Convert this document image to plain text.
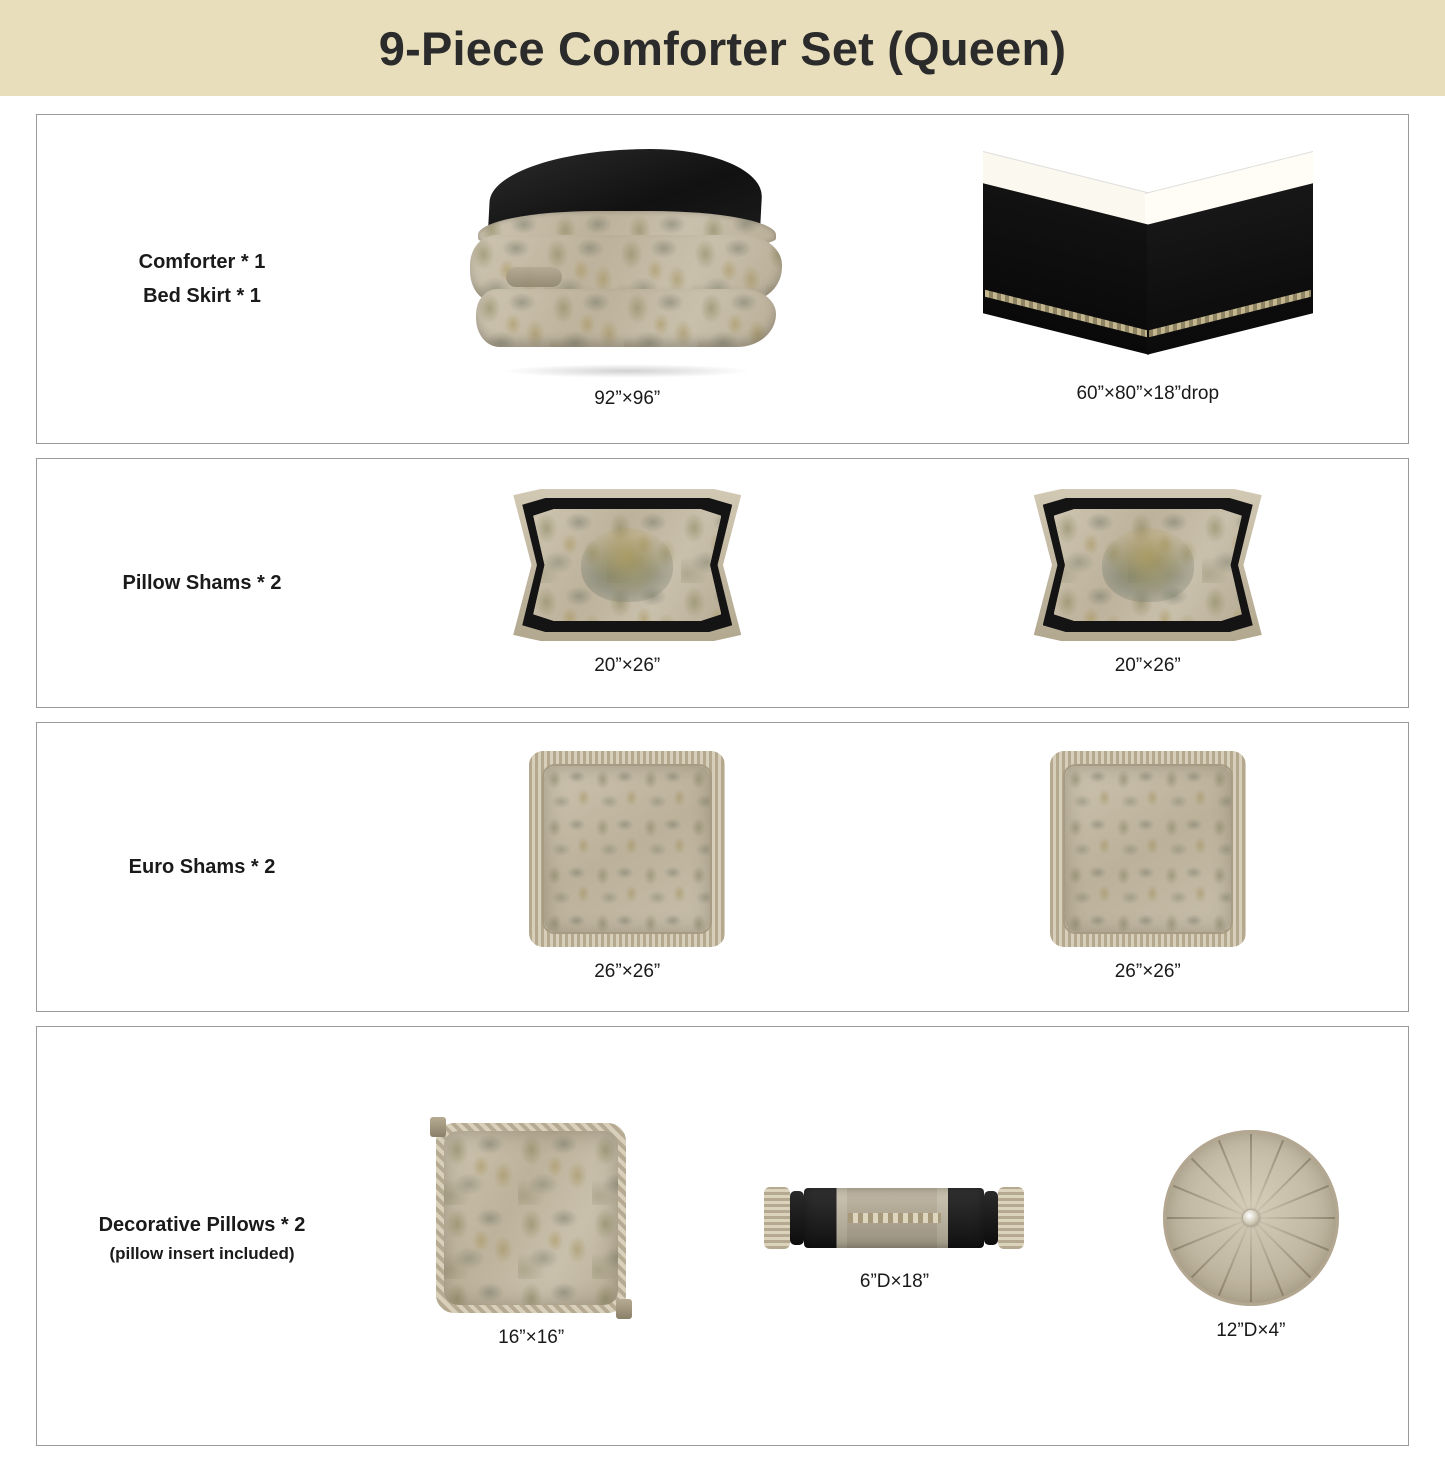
9-Piece Comforter Set (Queen)
Comforter * 1
Bed Skirt * 1
92”×96”	60”×80”×18”drop
Pillow Shams * 2
20”×26”	20”×26”
Euro Shams * 2
26”×26”	26”×26”
Decorative Pillows * 2
(pillow insert included)
16”×16”
6”D×18”
12”D×4”
